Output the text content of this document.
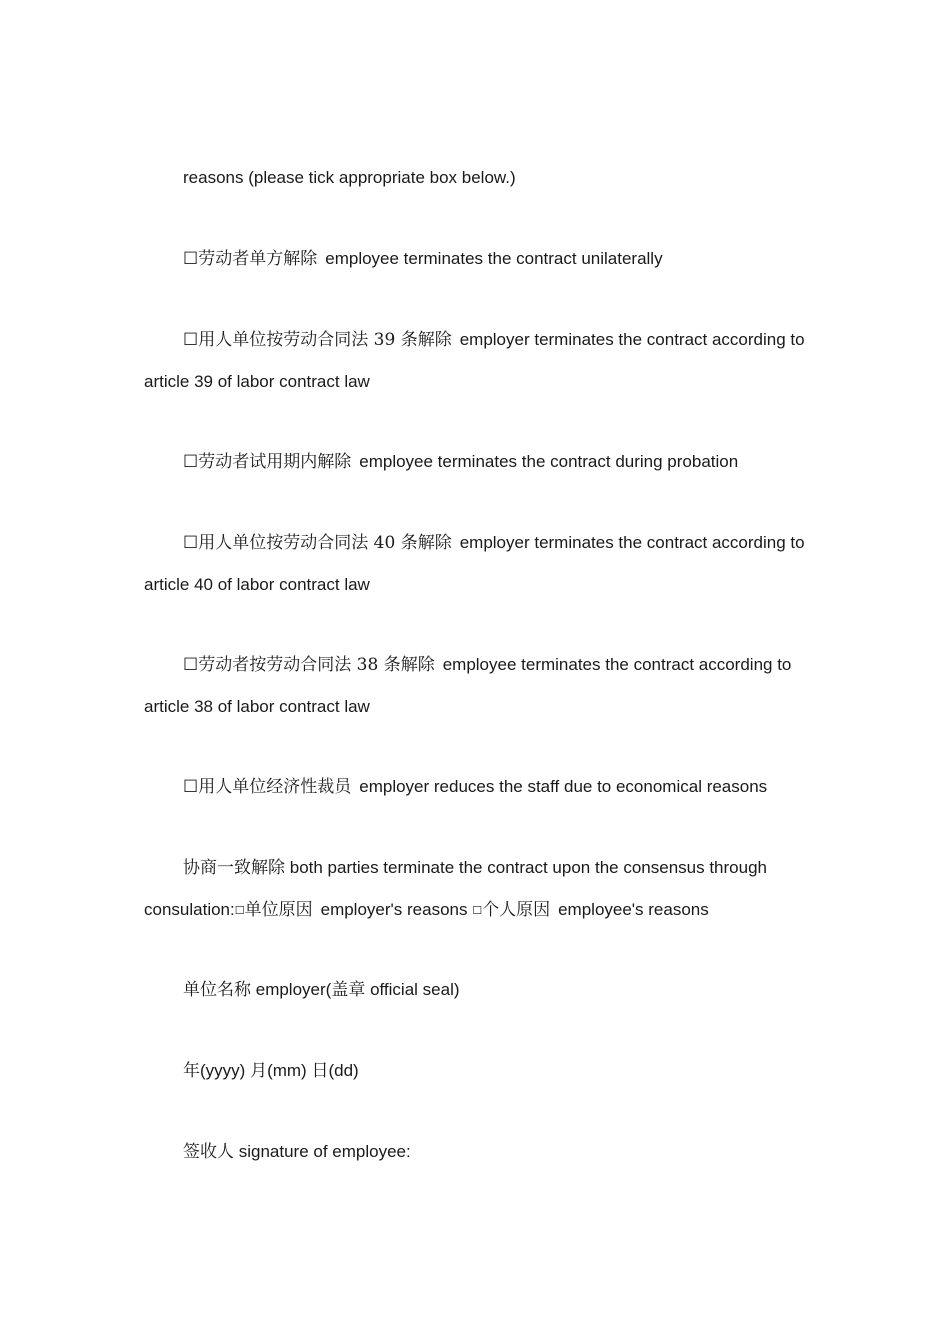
reasons (please tick appropriate box below.)
☐劳动者单方解除 employee terminates the contract unilaterally
☐用人单位按劳动合同法 39 条解除 employer terminates the contract according to article 39 of labor contract law
☐劳动者试用期内解除 employee terminates the contract during probation
☐用人单位按劳动合同法 40 条解除 employer terminates the contract according to article 40 of labor contract law
☐劳动者按劳动合同法 38 条解除 employee terminates the contract according to article 38 of labor contract law
☐用人单位经济性裁员 employer reduces the staff due to economical reasons
协商一致解除 both parties terminate the contract upon the consensus through consulation:☐单位原因 employer's reasons ☐个人原因 employee's reasons
单位名称 employer(盖章 official seal)
年(yyyy) 月(mm) 日(dd)
签收人 signature of employee:
